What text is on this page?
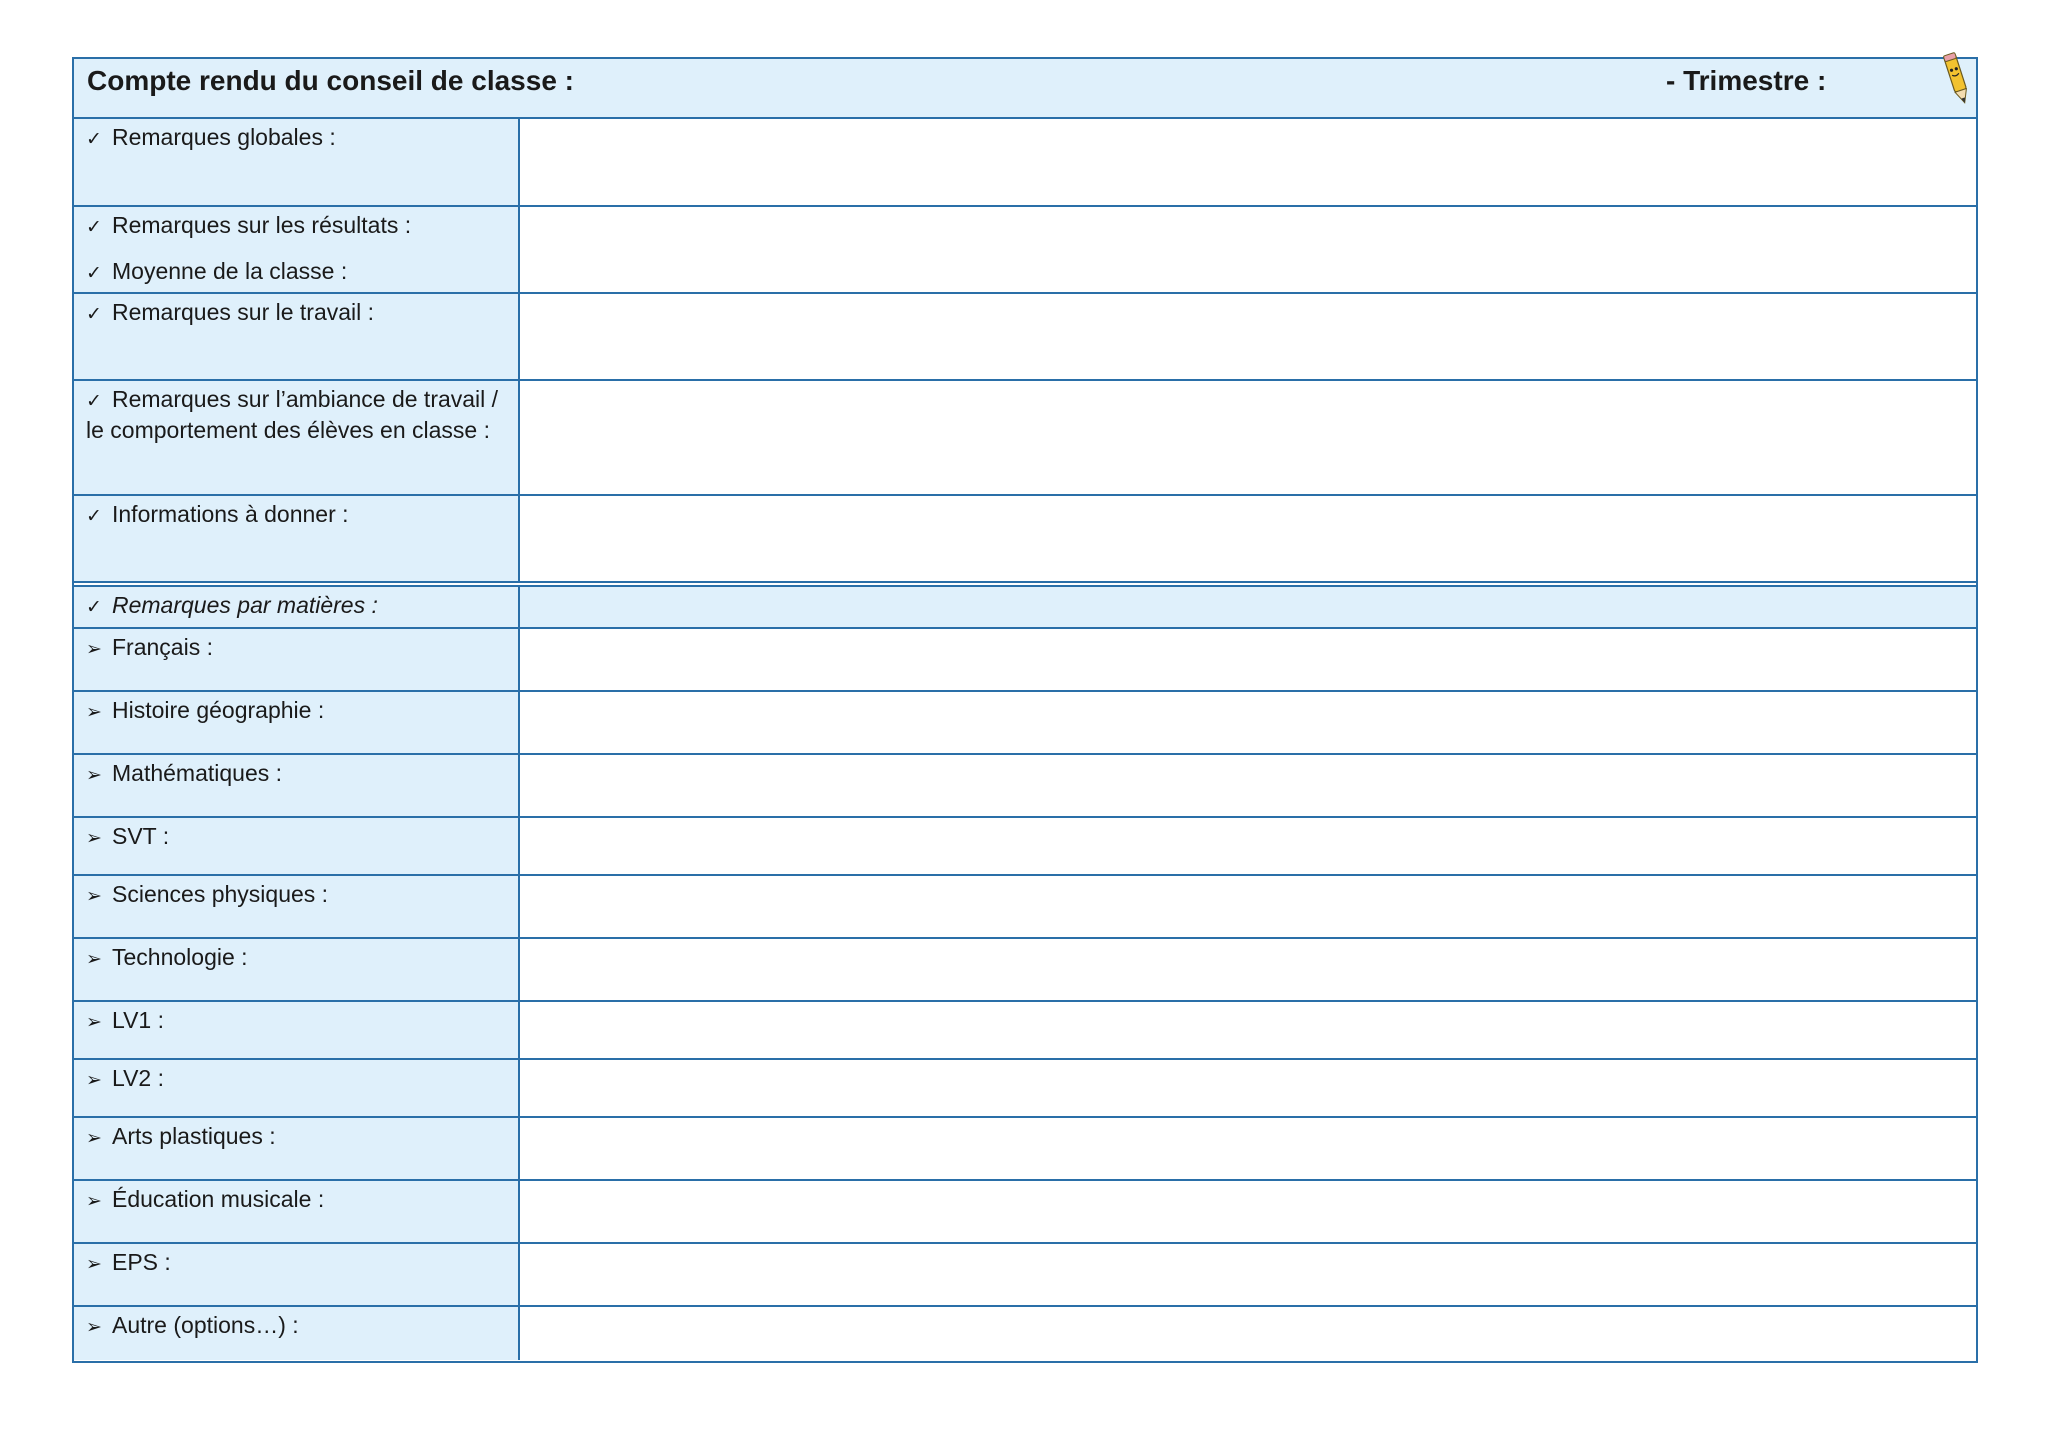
Compte rendu du conseil de classe :	- Trimestre :
✓ Remarques globales :
✓ Remarques sur les résultats :
✓ Moyenne de la classe :
✓ Remarques sur le travail :
✓ Remarques sur l’ambiance de travail / le comportement des élèves en classe :
✓ Informations à donner :
✓ Remarques par matières :
➢ Français :
➢ Histoire géographie :
➢ Mathématiques :
➢ SVT :
➢ Sciences physiques :
➢ Technologie :
➢ LV1 :
➢ LV2 :
➢ Arts plastiques :
➢ Éducation musicale :
➢ EPS :
➢ Autre (options…) :
